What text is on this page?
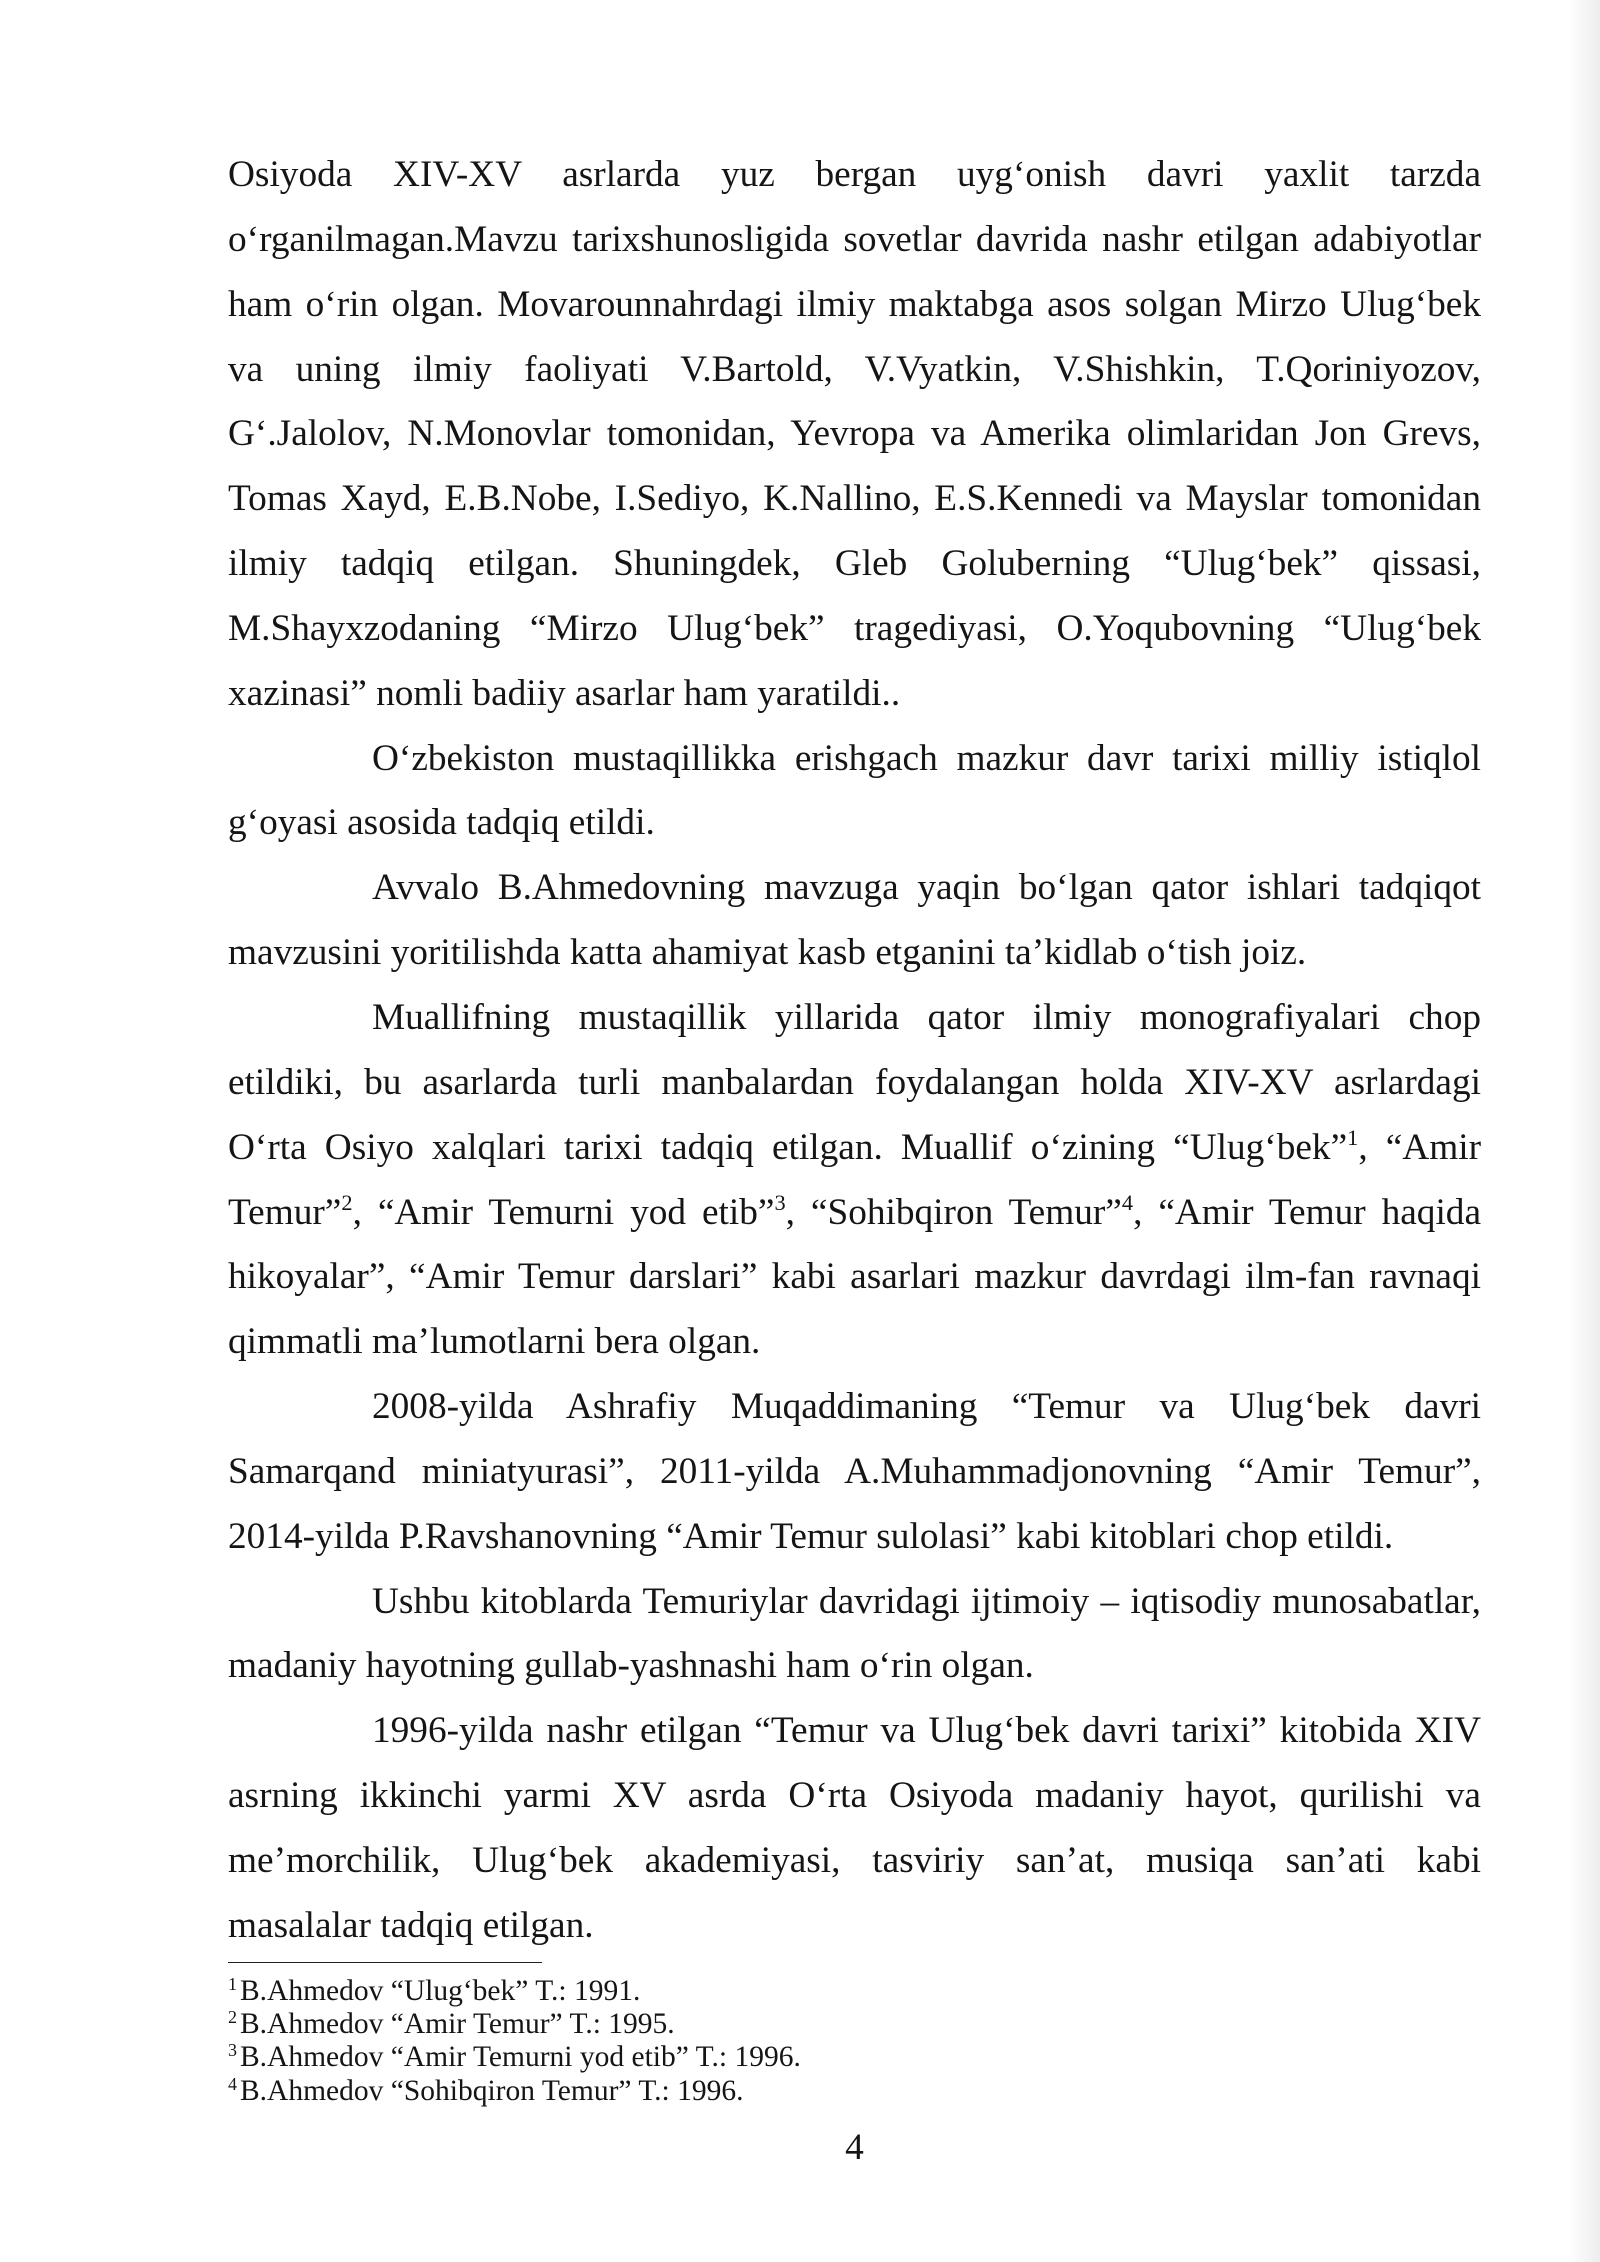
Osiyoda XIV-XV asrlarda yuz bergan uyg‘onish davri yaxlit tarzda
o‘rganilmagan.Mavzu tarixshunosligida sovetlar davrida nashr etilgan adabiyotlar
ham o‘rin olgan. Movarounnahrdagi ilmiy maktabga asos solgan Mirzo Ulug‘bek
va uning ilmiy faoliyati V.Bartold, V.Vyatkin, V.Shishkin, T.Qoriniyozov,
G‘.Jalolov, N.Monovlar tomonidan, Yevropa va Amerika olimlaridan Jon Grevs,
Tomas Xayd, E.B.Nobe, I.Sediyo, K.Nallino, E.S.Kennedi va Mayslar tomonidan
ilmiy tadqiq etilgan. Shuningdek, Gleb Goluberning “Ulug‘bek” qissasi,
M.Shayxzodaning “Mirzo Ulug‘bek” tragediyasi, O.Yoqubovning “Ulug‘bek
xazinasi” nomli badiiy asarlar ham yaratildi..
O‘zbekiston mustaqillikka erishgach mazkur davr tarixi milliy istiqlol
g‘oyasi asosida tadqiq etildi.
Avvalo B.Ahmedovning mavzuga yaqin bo‘lgan qator ishlari tadqiqot
mavzusini yoritilishda katta ahamiyat kasb etganini ta’kidlab o‘tish joiz.
Muallifning mustaqillik yillarida qator ilmiy monografiyalari chop
etildiki, bu asarlarda turli manbalardan foydalangan holda XIV-XV asrlardagi
O‘rta Osiyo xalqlari tarixi tadqiq etilgan. Muallif o‘zining “Ulug‘bek”$^1$, “Amir
Temur”$^2$, “Amir Temurni yod etib”$^3$, “Sohibqiron Temur”$^4$, “Amir Temur haqida
hikoyalar”, “Amir Temur darslari” kabi asarlari mazkur davrdagi ilm-fan ravnaqi
qimmatli ma’lumotlarni bera olgan.
2008-yilda Ashrafiy Muqaddimaning “Temur va Ulug‘bek davri
Samarqand miniatyurasi”, 2011-yilda A.Muhammadjonovning “Amir Temur”,
2014-yilda P.Ravshanovning “Amir Temur sulolasi” kabi kitoblari chop etildi.
Ushbu kitoblarda Temuriylar davridagi ijtimoiy – iqtisodiy munosabatlar,
madaniy hayotning gullab-yashnashi ham o‘rin olgan.
1996-yilda nashr etilgan “Temur va Ulug‘bek davri tarixi” kitobida XIV
asrning ikkinchi yarmi XV asrda O‘rta Osiyoda madaniy hayot, qurilishi va
me’morchilik, Ulug‘bek akademiyasi, tasviriy san’at, musiqa san’ati kabi
masalalar tadqiq etilgan.
$^1$ B.Ahmedov “Ulug‘bek” T.: 1991.
$^2$ B.Ahmedov “Amir Temur” T.: 1995.
$^3$ B.Ahmedov “Amir Temurni yod etib” T.: 1996.
$^4$ B.Ahmedov “Sohibqiron Temur” T.: 1996.
4
